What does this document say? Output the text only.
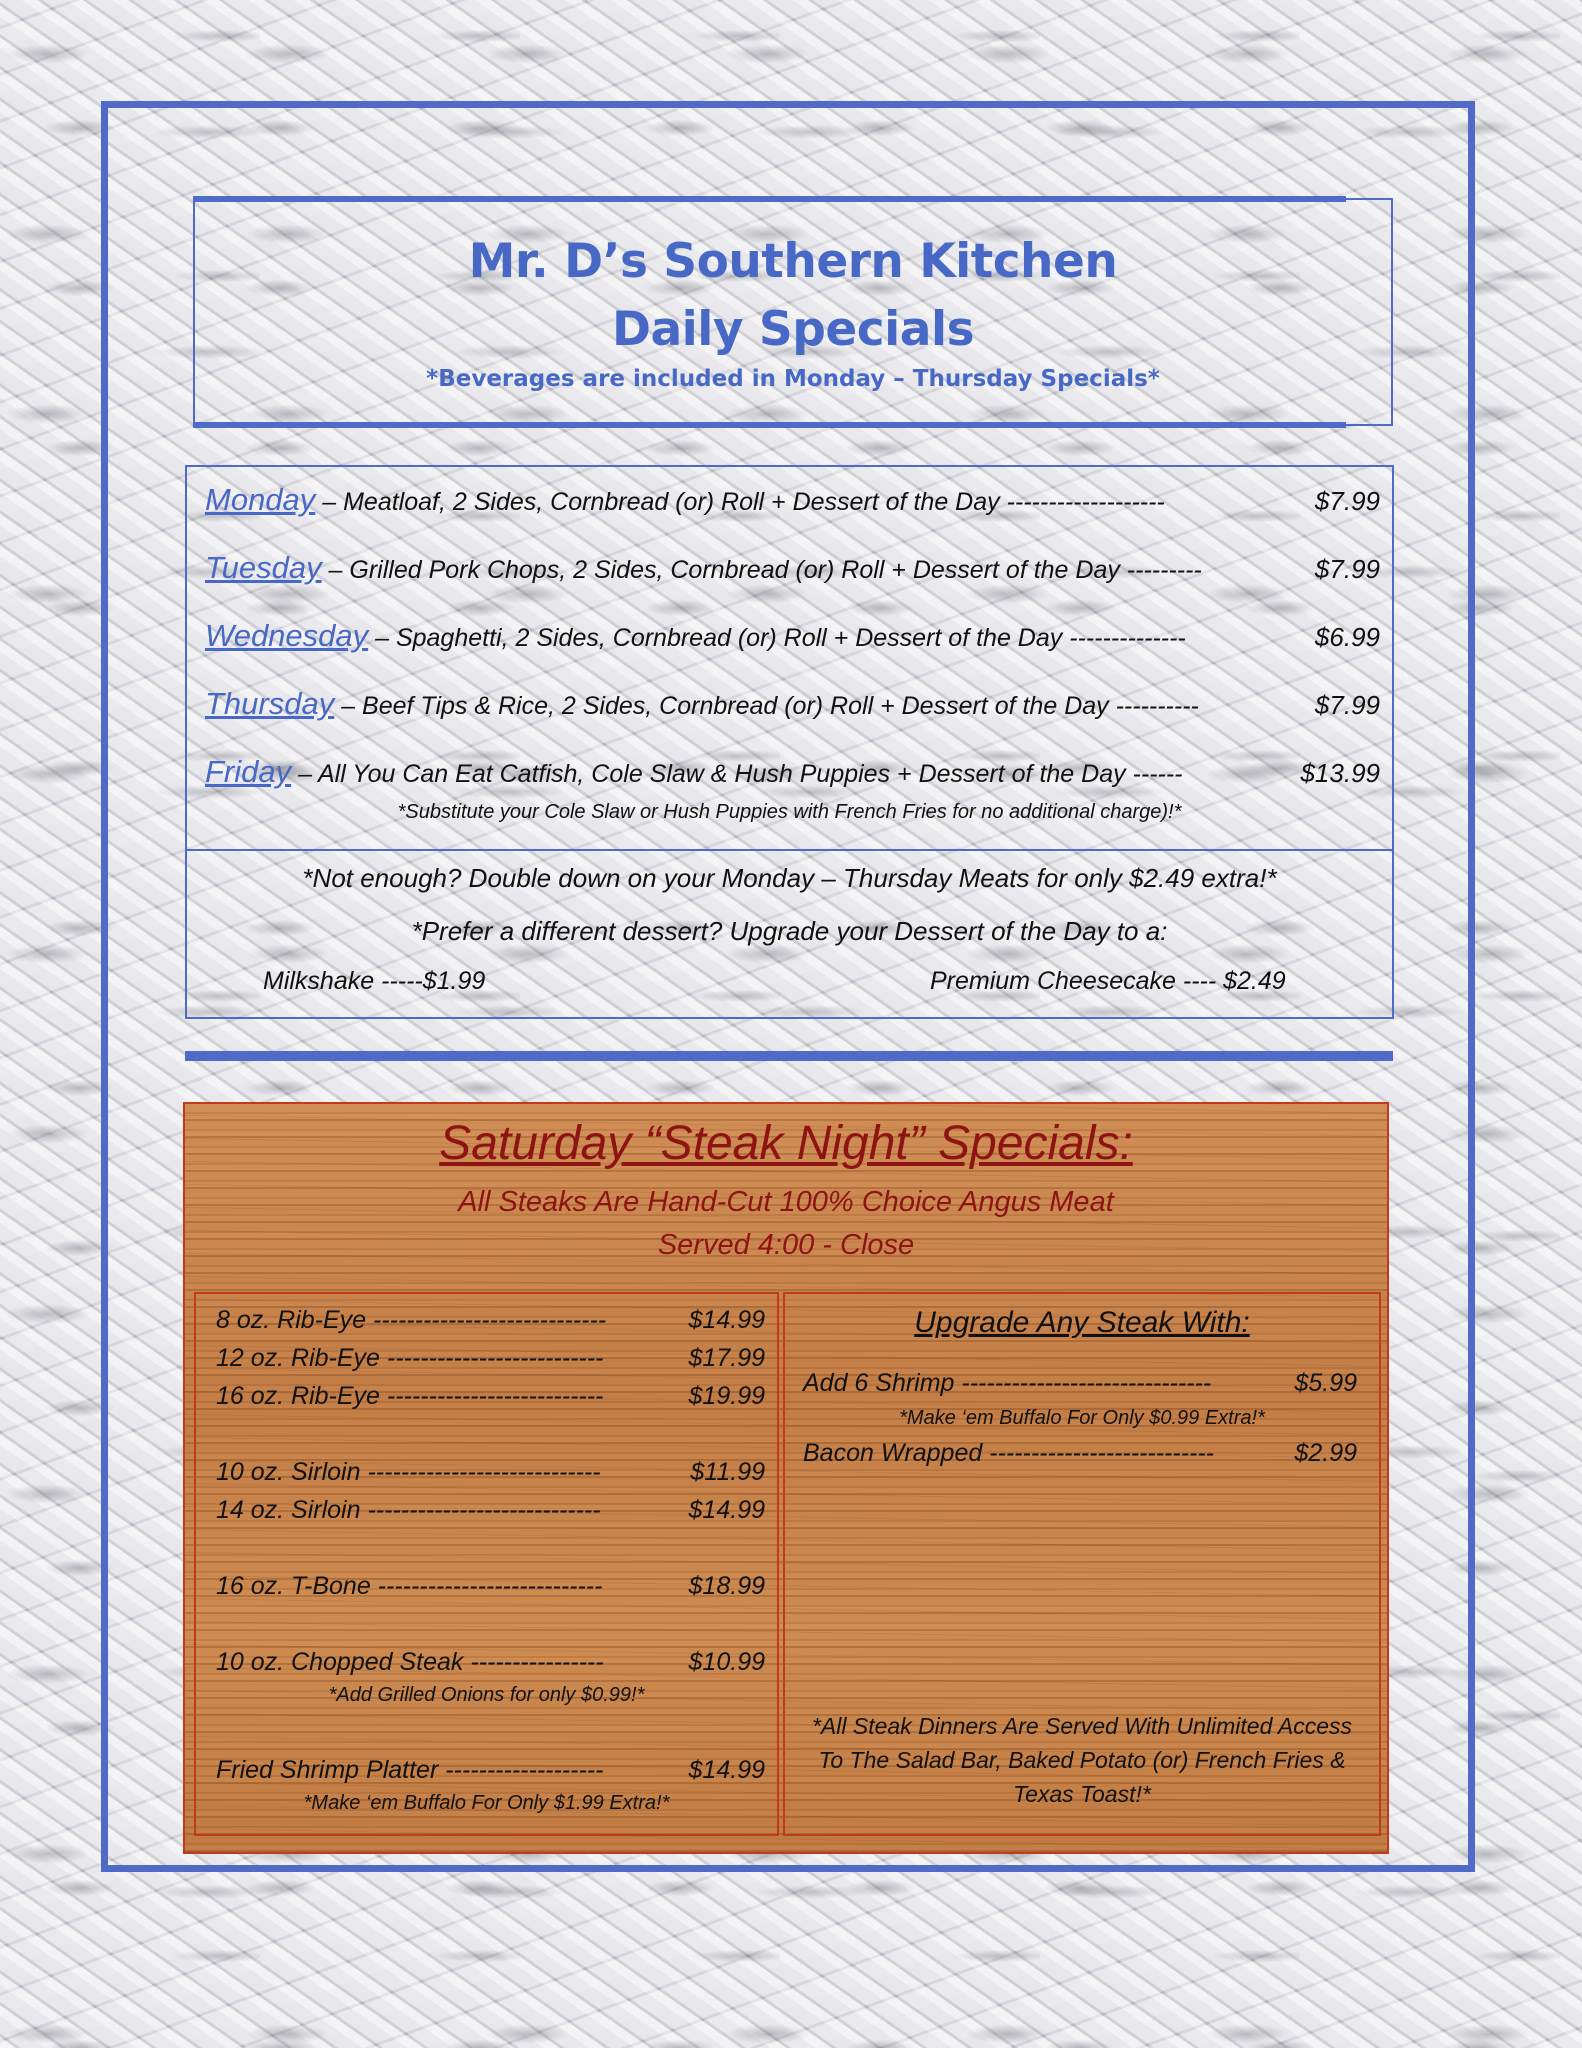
Mr. D’s Southern Kitchen
Daily Specials
*Beverages are included in Monday – Thursday Specials*
Monday – Meatloaf, 2 Sides, Cornbread (or) Roll + Dessert of the Day -------------------	$7.99
Tuesday – Grilled Pork Chops, 2 Sides, Cornbread (or) Roll + Dessert of the Day ---------	$7.99
Wednesday – Spaghetti, 2 Sides, Cornbread (or) Roll + Dessert of the Day --------------	$6.99
Thursday – Beef Tips & Rice, 2 Sides, Cornbread (or) Roll + Dessert of the Day ----------	$7.99
Friday – All You Can Eat Catfish, Cole Slaw & Hush Puppies + Dessert of the Day ------	$13.99
*Substitute your Cole Slaw or Hush Puppies with French Fries for no additional charge)!*
*Not enough? Double down on your Monday – Thursday Meats for only $2.49 extra!*
*Prefer a different dessert? Upgrade your Dessert of the Day to a:
Milkshake -----$1.99	Premium Cheesecake ---- $2.49
Saturday “Steak Night” Specials:
All Steaks Are Hand-Cut 100% Choice Angus Meat
Served 4:00 - Close
8 oz. Rib-Eye ----------------------------	$14.99
12 oz. Rib-Eye --------------------------	$17.99
16 oz. Rib-Eye --------------------------	$19.99
10 oz. Sirloin ----------------------------	$11.99
14 oz. Sirloin ----------------------------	$14.99
16 oz. T-Bone ---------------------------	$18.99
10 oz. Chopped Steak ----------------	$10.99
*Add Grilled Onions for only $0.99!*
Fried Shrimp Platter -------------------	$14.99
*Make ‘em Buffalo For Only $1.99 Extra!*
Upgrade Any Steak With:
Add 6 Shrimp ------------------------------	$5.99
*Make ‘em Buffalo For Only $0.99 Extra!*
Bacon Wrapped ---------------------------	$2.99
*All Steak Dinners Are Served With Unlimited Access To The Salad Bar, Baked Potato (or) French Fries & Texas Toast!*
